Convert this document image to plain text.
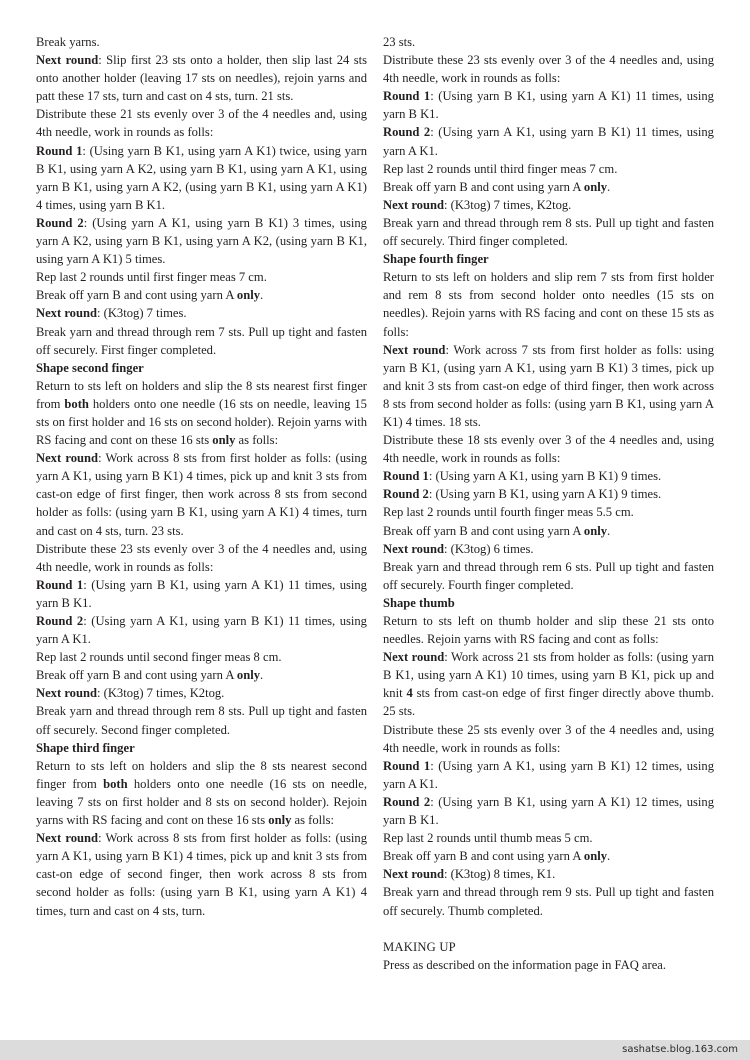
Break yarns.

Next round: Slip first 23 sts onto a holder, then slip last 24 sts onto another holder (leaving 17 sts on needles), rejoin yarns and patt these 17 sts, turn and cast on 4 sts, turn. 21 sts.

Distribute these 21 sts evenly over 3 of the 4 needles and, using 4th needle, work in rounds as folls:

Round 1: (Using yarn B K1, using yarn A K1) twice, using yarn B K1, using yarn A K2, using yarn B K1, using yarn A K1, using yarn B K1, using yarn A K2, (using yarn B K1, using yarn A K1) 4 times, using yarn B K1.

Round 2: (Using yarn A K1, using yarn B K1) 3 times, using yarn A K2, using yarn B K1, using yarn A K2, (using yarn B K1, using yarn A K1) 5 times.

Rep last 2 rounds until first finger meas 7 cm.

Break off yarn B and cont using yarn A only.

Next round: (K3tog) 7 times.

Break yarn and thread through rem 7 sts. Pull up tight and fasten off securely. First finger completed.

Shape second finger

Return to sts left on holders and slip the 8 sts nearest first finger from both holders onto one needle (16 sts on needle, leaving 15 sts on first holder and 16 sts on second holder). Rejoin yarns with RS facing and cont on these 16 sts only as folls:

Next round: Work across 8 sts from first holder as folls: (using yarn A K1, using yarn B K1) 4 times, pick up and knit 3 sts from cast-on edge of first finger, then work across 8 sts from second holder as folls: (using yarn B K1, using yarn A K1) 4 times, turn and cast on 4 sts, turn. 23 sts.

Distribute these 23 sts evenly over 3 of the 4 needles and, using 4th needle, work in rounds as folls:

Round 1: (Using yarn B K1, using yarn A K1) 11 times, using yarn B K1.

Round 2: (Using yarn A K1, using yarn B K1) 11 times, using yarn A K1.

Rep last 2 rounds until second finger meas 8 cm.

Break off yarn B and cont using yarn A only.

Next round: (K3tog) 7 times, K2tog.

Break yarn and thread through rem 8 sts. Pull up tight and fasten off securely. Second finger completed.

Shape third finger

Return to sts left on holders and slip the 8 sts nearest second finger from both holders onto one needle (16 sts on needle, leaving 7 sts on first holder and 8 sts on second holder). Rejoin yarns with RS facing and cont on these 16 sts only as folls:

Next round: Work across 8 sts from first holder as folls: (using yarn A K1, using yarn B K1) 4 times, pick up and knit 3 sts from cast-on edge of second finger, then work across 8 sts from second holder as folls: (using yarn B K1, using yarn A K1) 4 times, turn and cast on 4 sts, turn.

23 sts.

Distribute these 23 sts evenly over 3 of the 4 needles and, using 4th needle, work in rounds as folls:

Round 1: (Using yarn B K1, using yarn A K1) 11 times, using yarn B K1.

Round 2: (Using yarn A K1, using yarn B K1) 11 times, using yarn A K1.

Rep last 2 rounds until third finger meas 7 cm.

Break off yarn B and cont using yarn A only.

Next round: (K3tog) 7 times, K2tog.

Break yarn and thread through rem 8 sts. Pull up tight and fasten off securely. Third finger completed.

Shape fourth finger

Return to sts left on holders and slip rem 7 sts from first holder and rem 8 sts from second holder onto needles (15 sts on needles). Rejoin yarns with RS facing and cont on these 15 sts as folls:

Next round: Work across 7 sts from first holder as folls: using yarn B K1, (using yarn A K1, using yarn B K1) 3 times, pick up and knit 3 sts from cast-on edge of third finger, then work across 8 sts from second holder as folls: (using yarn B K1, using yarn A K1) 4 times. 18 sts.

Distribute these 18 sts evenly over 3 of the 4 needles and, using 4th needle, work in rounds as folls:

Round 1: (Using yarn A K1, using yarn B K1) 9 times.

Round 2: (Using yarn B K1, using yarn A K1) 9 times.

Rep last 2 rounds until fourth finger meas 5.5 cm.

Break off yarn B and cont using yarn A only.

Next round: (K3tog) 6 times.

Break yarn and thread through rem 6 sts. Pull up tight and fasten off securely. Fourth finger completed.

Shape thumb

Return to sts left on thumb holder and slip these 21 sts onto needles. Rejoin yarns with RS facing and cont as folls:

Next round: Work across 21 sts from holder as folls: (using yarn B K1, using yarn A K1) 10 times, using yarn B K1, pick up and knit 4 sts from cast-on edge of first finger directly above thumb. 25 sts.

Distribute these 25 sts evenly over 3 of the 4 needles and, using 4th needle, work in rounds as folls:

Round 1: (Using yarn A K1, using yarn B K1) 12 times, using yarn A K1.

Round 2: (Using yarn B K1, using yarn A K1) 12 times, using yarn B K1.

Rep last 2 rounds until thumb meas 5 cm.

Break off yarn B and cont using yarn A only.

Next round: (K3tog) 8 times, K1.

Break yarn and thread through rem 9 sts. Pull up tight and fasten off securely. Thumb completed.

MAKING UP

Press as described on the information page in FAQ area.

sashatse.blog.163.com
